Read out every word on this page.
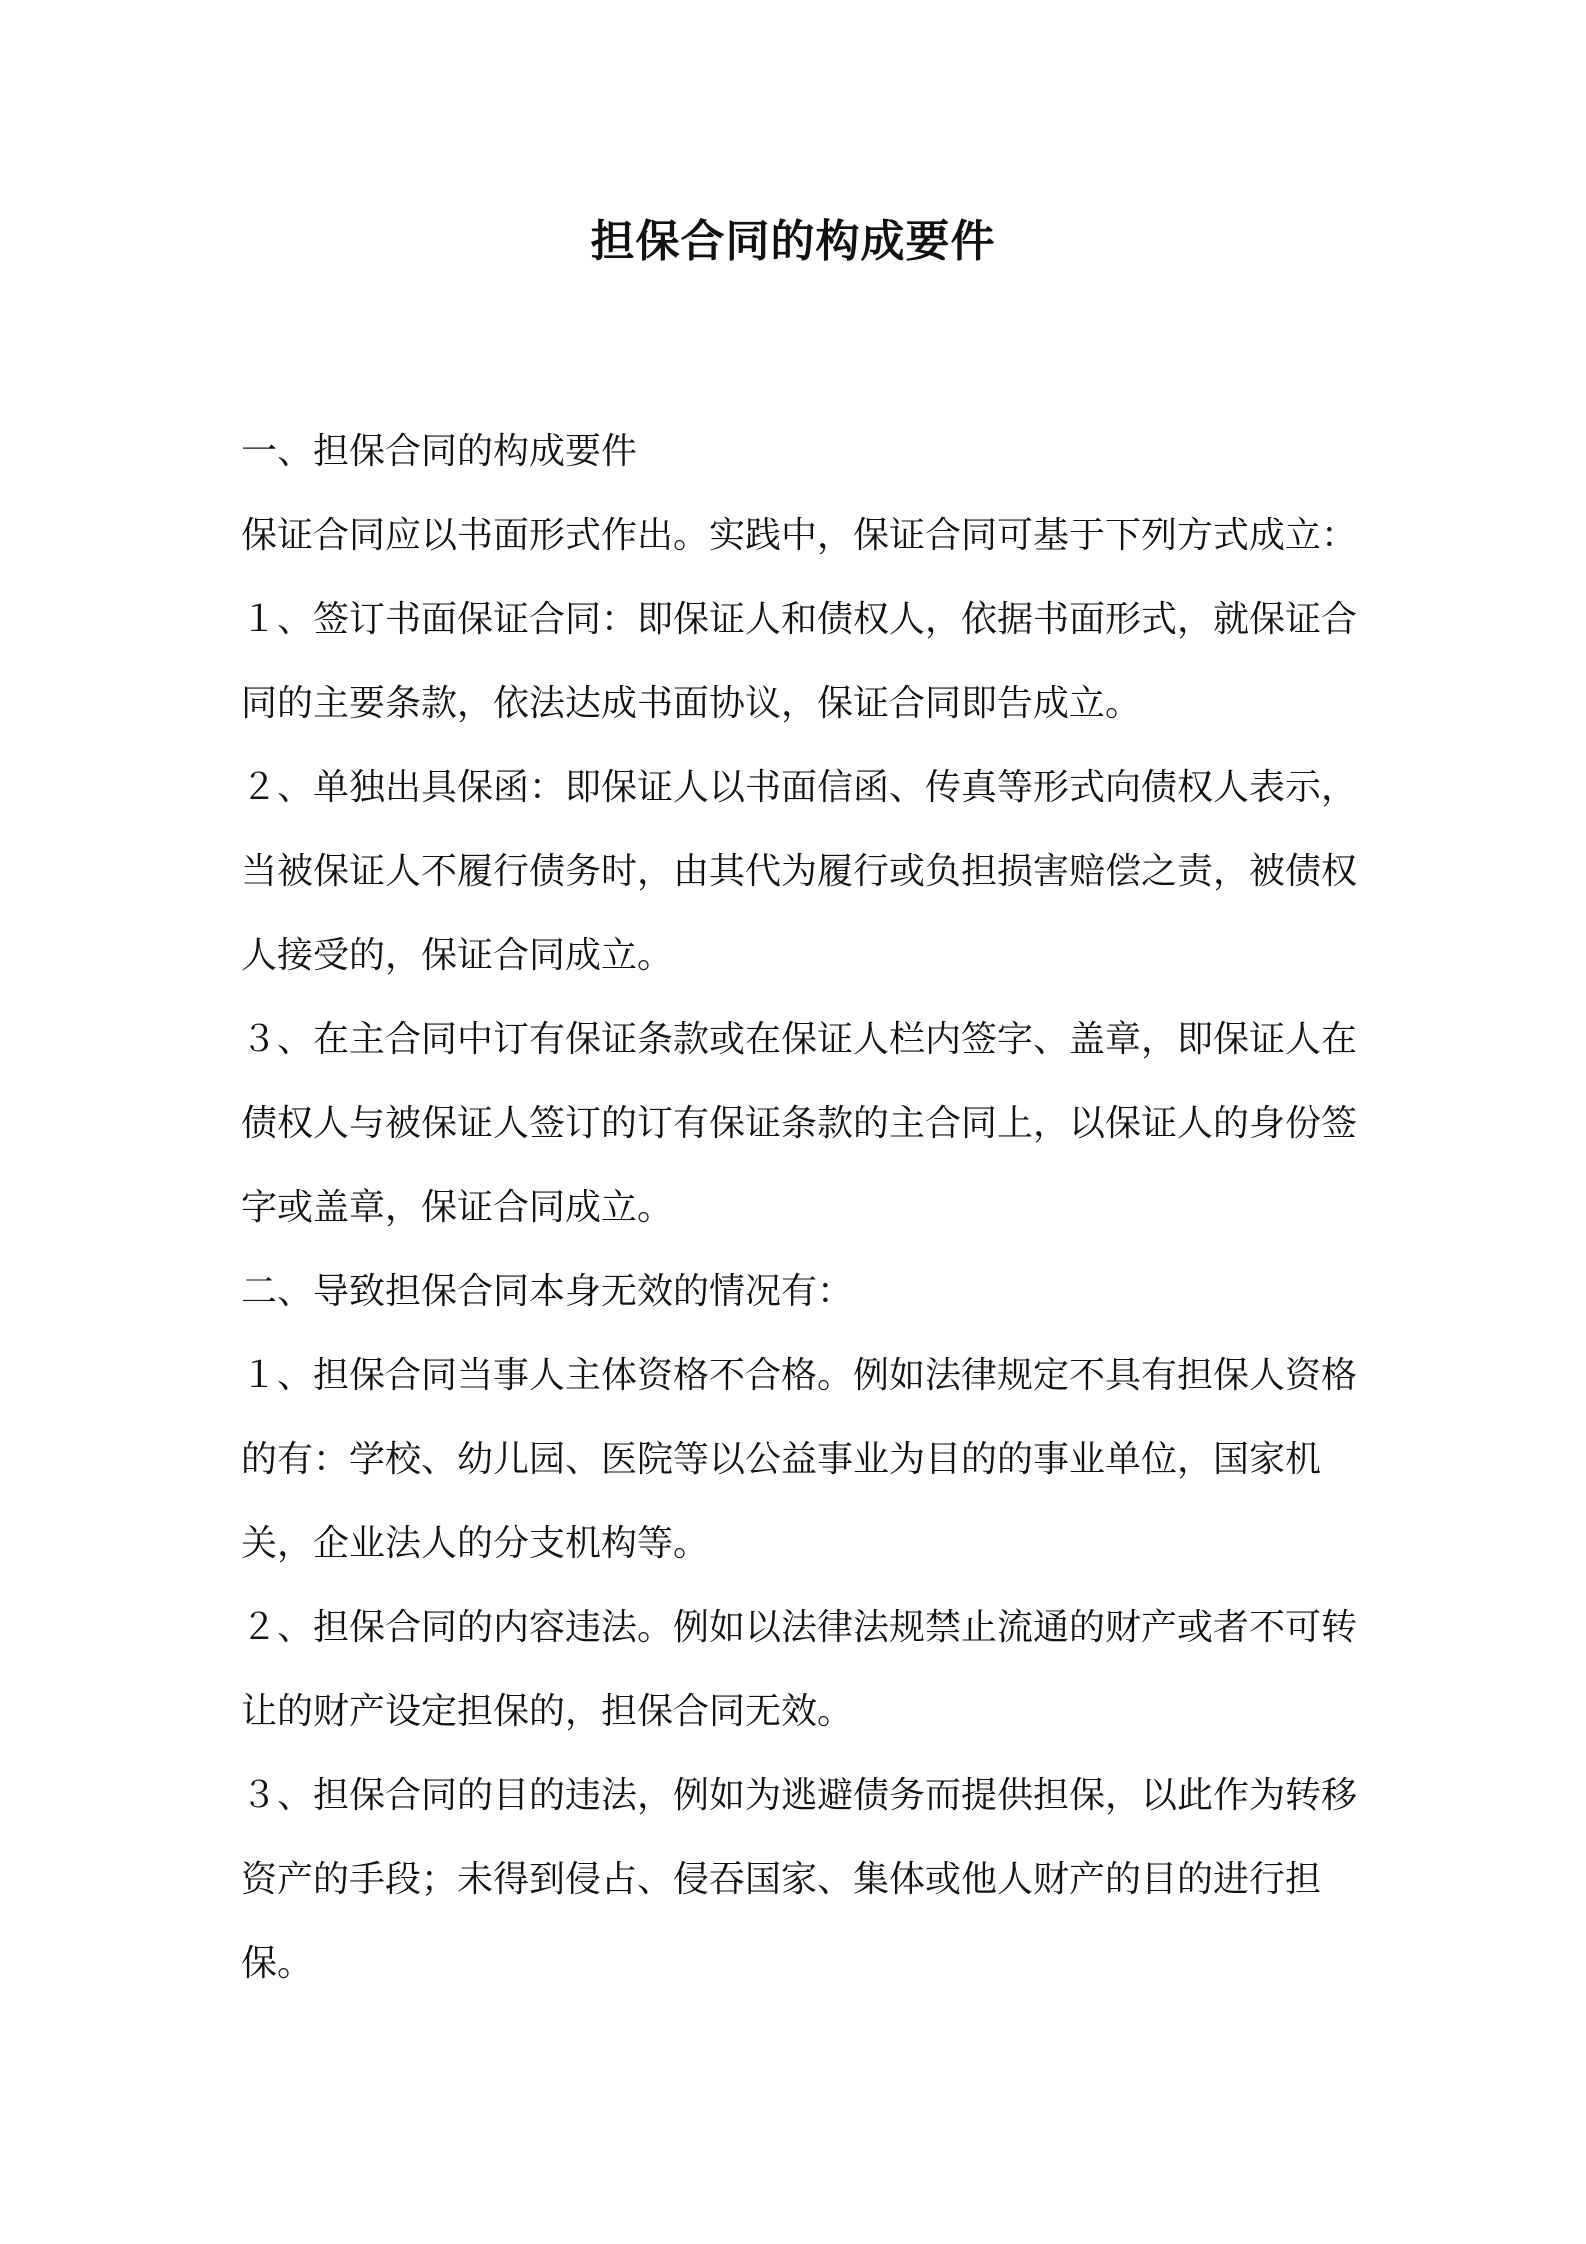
担保合同的构成要件

一、担保合同的构成要件

保证合同应以书面形式作出。实践中，保证合同可基于下列方式成立：

１、签订书面保证合同：即保证人和债权人，依据书面形式，就保证合同的主要条款，依法达成书面协议，保证合同即告成立。

２、单独出具保函：即保证人以书面信函、传真等形式向债权人表示，当被保证人不履行债务时，由其代为履行或负担损害赔偿之责，被债权人接受的，保证合同成立。

３、在主合同中订有保证条款或在保证人栏内签字、盖章，即保证人在债权人与被保证人签订的订有保证条款的主合同上，以保证人的身份签字或盖章，保证合同成立。

二、导致担保合同本身无效的情况有：

１、担保合同当事人主体资格不合格。例如法律规定不具有担保人资格的有：学校、幼儿园、医院等以公益事业为目的的事业单位，国家机关，企业法人的分支机构等。

２、担保合同的内容违法。例如以法律法规禁止流通的财产或者不可转让的财产设定担保的，担保合同无效。

３、担保合同的目的违法，例如为逃避债务而提供担保，以此作为转移资产的手段；未得到侵占、侵吞国家、集体或他人财产的目的进行担保。
